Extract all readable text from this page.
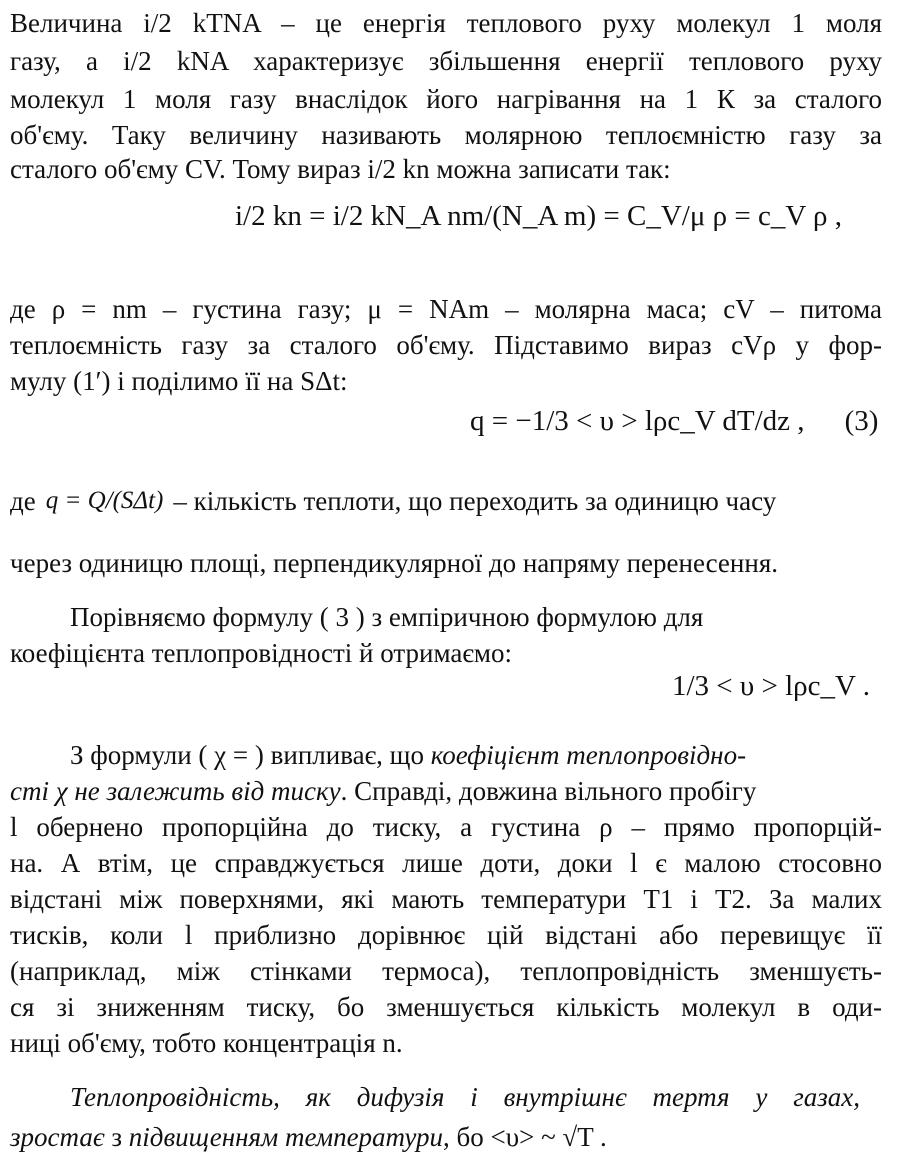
Величина i/2 kTNA – це енергія теплового руху молекул 1 моля
газу, а i/2 kNA характеризує збільшення енергії теплового руху
молекул 1 моля газу внаслідок його нагрівання на 1 К за сталого
об'єму. Таку величину називають молярною теплоємністю газу за
сталого об'єму CV. Тому вираз i/2 kn можна записати так:
i/2 kn = i/2 kN_A nm/(N_A m) = C_V/μ ρ = c_V ρ ,
де ρ = nm – густина газу; μ = NAm – молярна маса; cV – питома
теплоємність газу за сталого об'єму. Підставимо вираз cVρ у фор-
мулу (1′) і поділимо її на SΔt:
q = −1/3 < υ > lρc_V dT/dz , (3)
де q = Q/(SΔt) – кількість теплоти, що переходить за одиницю часу
через одиницю площі, перпендикулярної до напряму перенесення.
Порівняємо формулу ( 3 ) з емпіричною формулою для
коефіцієнта теплопровідності й отримаємо:
1/3 < υ > lρc_V .
З формули ( χ = ) випливає, що коефіцієнт теплопровідно-
сті χ не залежить від тиску. Справді, довжина вільного пробігу
l обернено пропорційна до тиску, а густина ρ – прямо пропорцій-
на. А втім, це справджується лише доти, доки l є малою стосовно
відстані між поверхнями, які мають температури T1 і T2. За малих
тисків, коли l приблизно дорівнює цій відстані або перевищує її
(наприклад, між стінками термоса), теплопровідність зменшуєть-
ся зі зниженням тиску, бо зменшується кількість молекул в оди-
ниці об'єму, тобто концентрація n.
Теплопровідність, як дифузія і внутрішнє тертя у газах,
зростає з підвищенням температури, бо <υ> ~ √T .
